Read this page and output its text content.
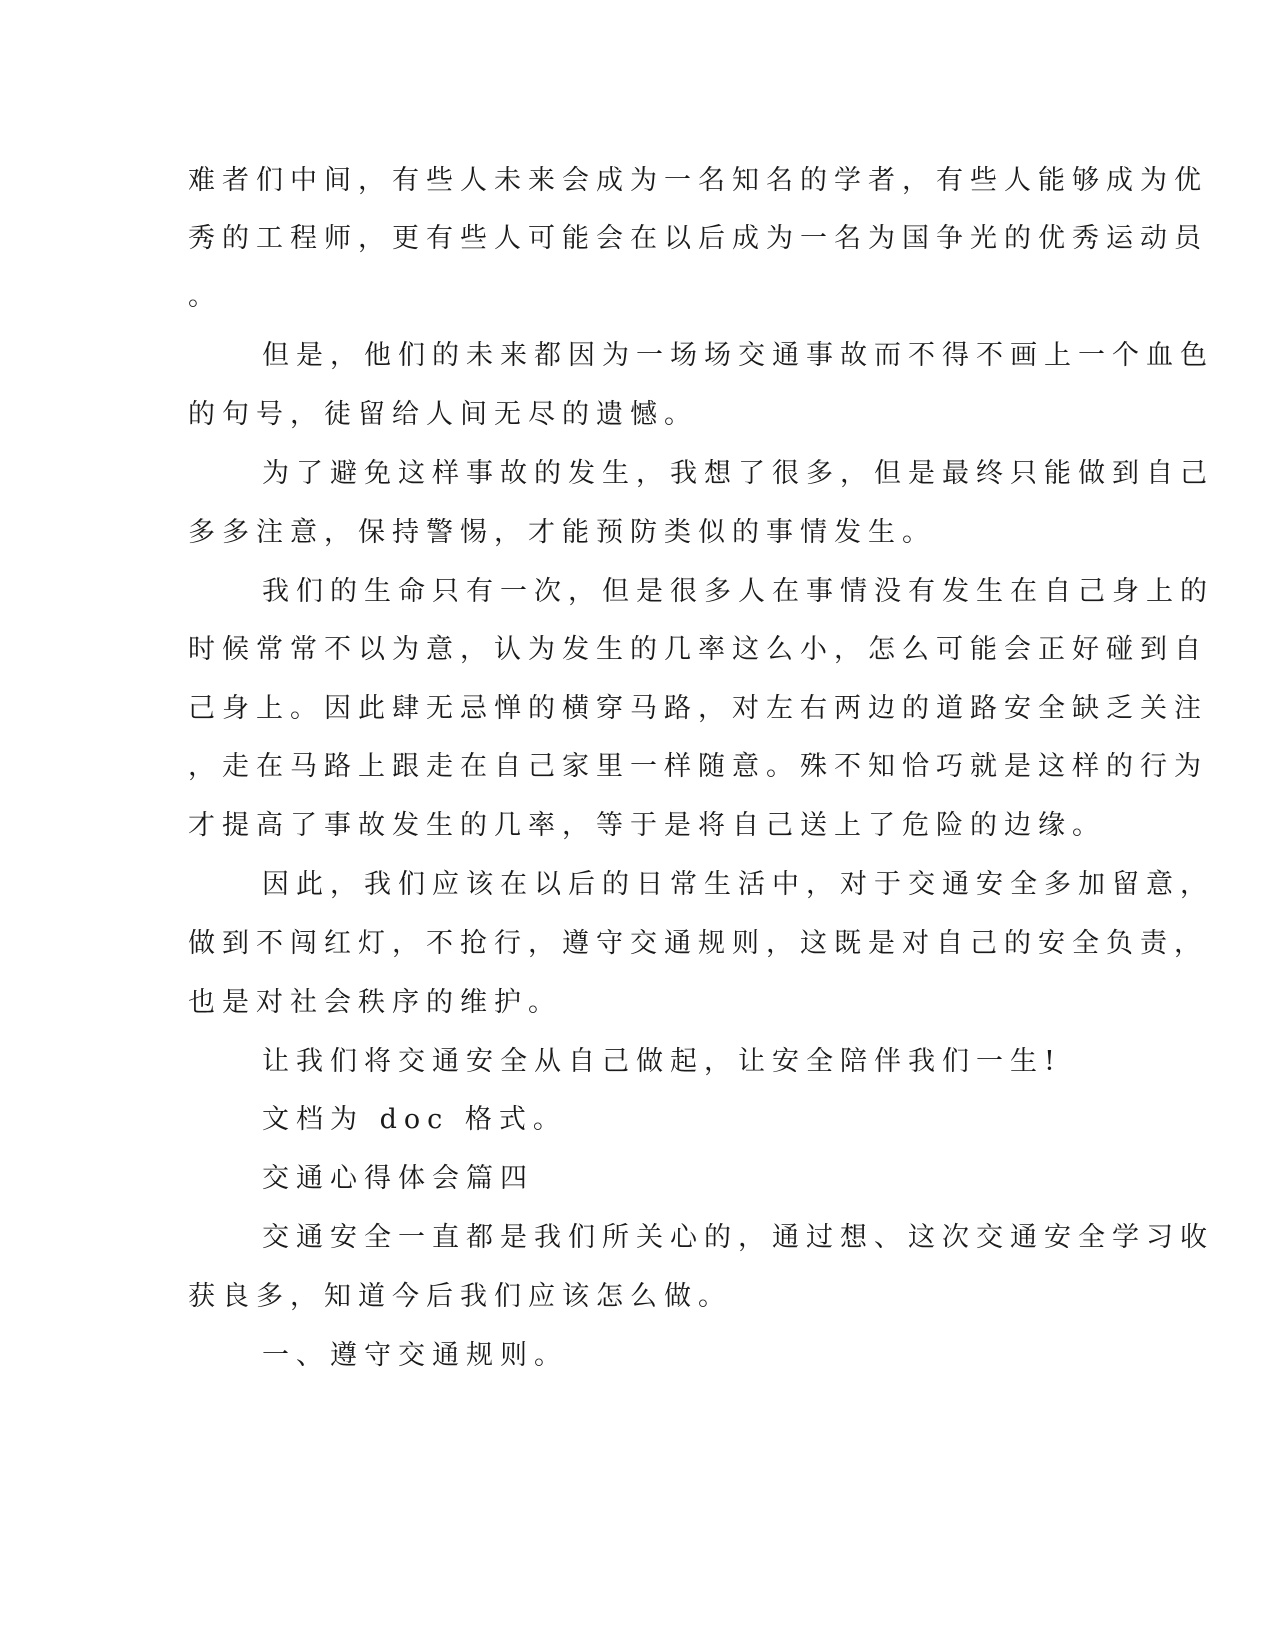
难者们中间，有些人未来会成为一名知名的学者，有些人能够成为优
秀的工程师，更有些人可能会在以后成为一名为国争光的优秀运动员
。
但是，他们的未来都因为一场场交通事故而不得不画上一个血色
的句号，徒留给人间无尽的遗憾。
为了避免这样事故的发生，我想了很多，但是最终只能做到自己
多多注意，保持警惕，才能预防类似的事情发生。
我们的生命只有一次，但是很多人在事情没有发生在自己身上的
时候常常不以为意，认为发生的几率这么小，怎么可能会正好碰到自
己身上。因此肆无忌惮的横穿马路，对左右两边的道路安全缺乏关注
，走在马路上跟走在自己家里一样随意。殊不知恰巧就是这样的行为
才提高了事故发生的几率，等于是将自己送上了危险的边缘。
因此，我们应该在以后的日常生活中，对于交通安全多加留意，
做到不闯红灯，不抢行，遵守交通规则，这既是对自己的安全负责，
也是对社会秩序的维护。
让我们将交通安全从自己做起，让安全陪伴我们一生!
文档为 doc 格式。
交通心得体会篇四
交通安全一直都是我们所关心的，通过想、这次交通安全学习收
获良多，知道今后我们应该怎么做。
一、遵守交通规则。
